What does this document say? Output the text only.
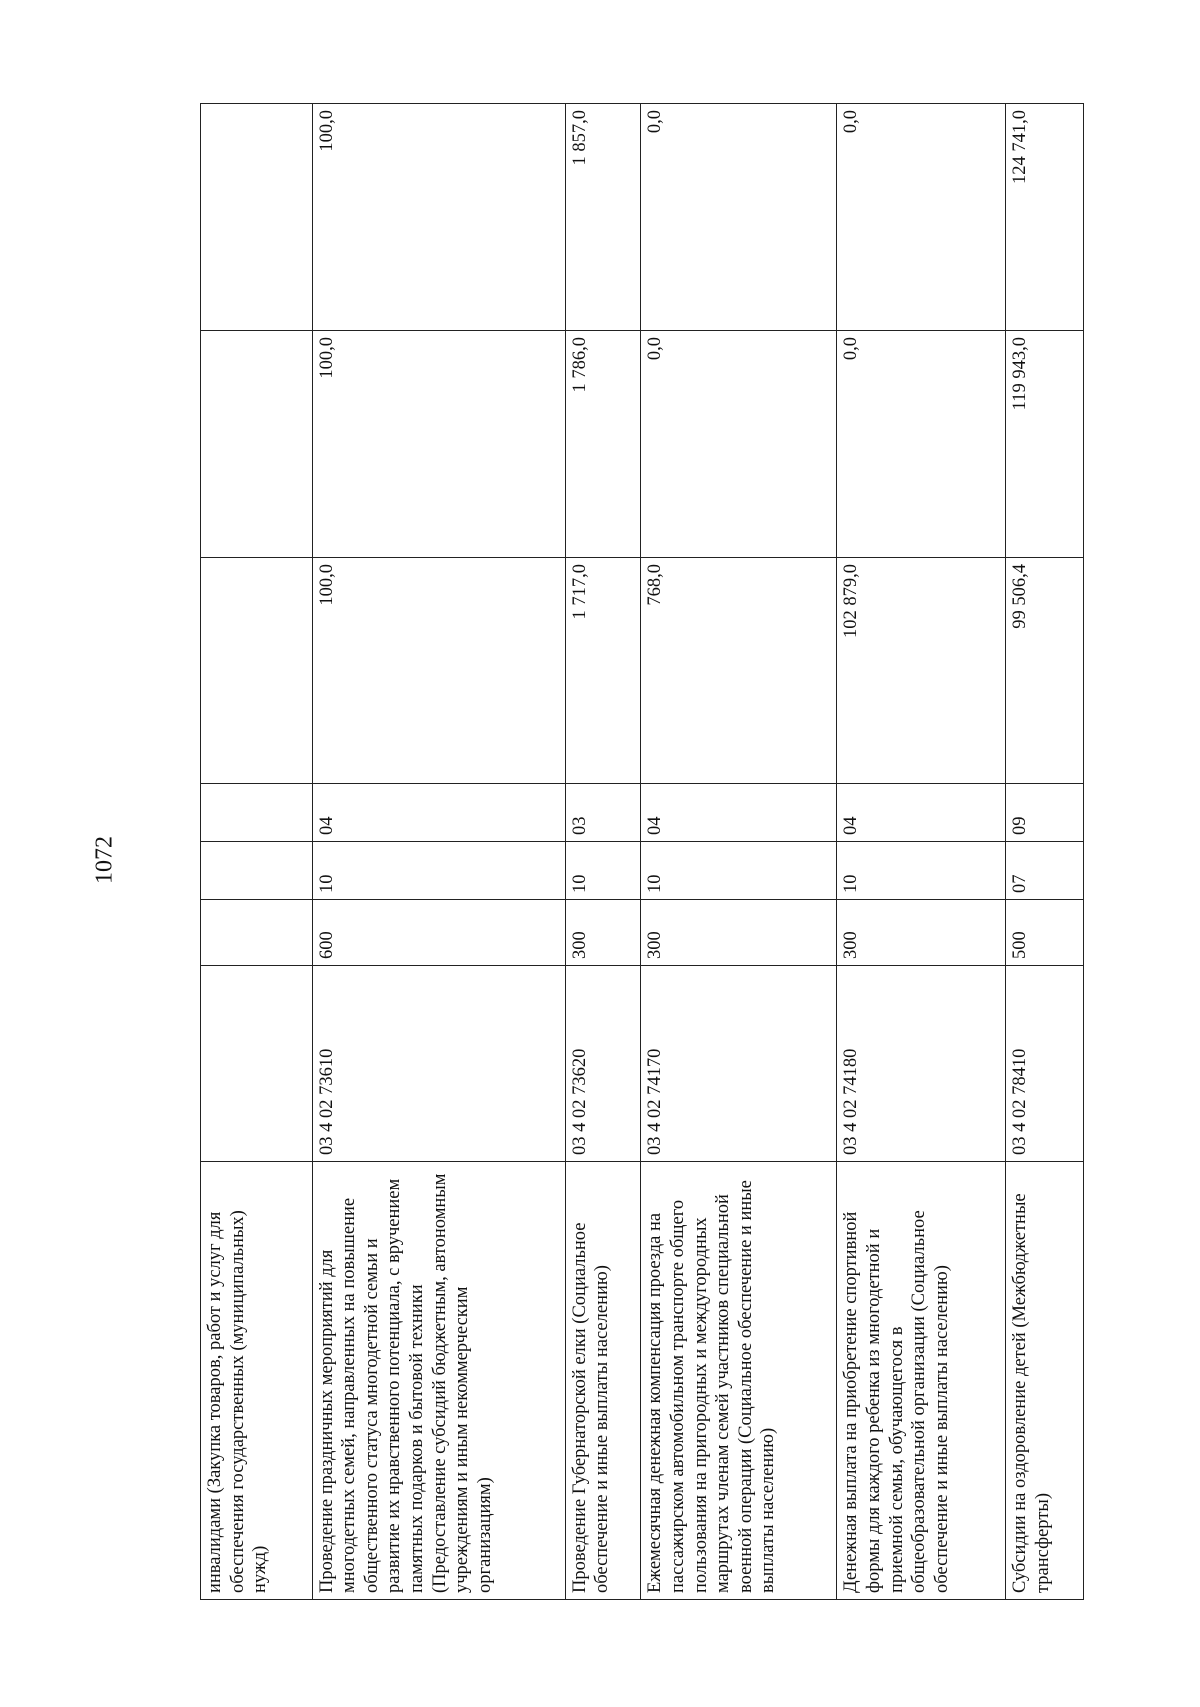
1072
инвалидами (Закупка товаров, работ и услуг для обеспечения государственных (муниципальных) нужд)							
Проведение праздничных мероприятий для многодетных семей, направленных на повышение общественного статуса многодетной семьи и развитие их нравственного потенциала, с вручением памятных подарков и бытовой техники (Предоставление субсидий бюджетным, автономным учреждениям и иным некоммерческим организациям)	03 4 02 73610	600	10	04	100,0	100,0	100,0
Проведение Губернаторской елки (Социальное обеспечение и иные выплаты населению)	03 4 02 73620	300	10	03	1 717,0	1 786,0	1 857,0
Ежемесячная денежная компенсация проезда на пассажирском автомобильном транспорте общего пользования на пригородных и междугородных маршрутах членам семей участников специальной военной операции (Социальное обеспечение и иные выплаты населению)	03 4 02 74170	300	10	04	768,0	0,0	0,0
Денежная выплата на приобретение спортивной формы для каждого ребенка из многодетной и приемной семьи, обучающегося в общеобразовательной организации (Социальное обеспечение и иные выплаты населению)	03 4 02 74180	300	10	04	102 879,0	0,0	0,0
Субсидии на оздоровление детей (Межбюджетные трансферты)	03 4 02 78410	500	07	09	99 506,4	119 943,0	124 741,0
